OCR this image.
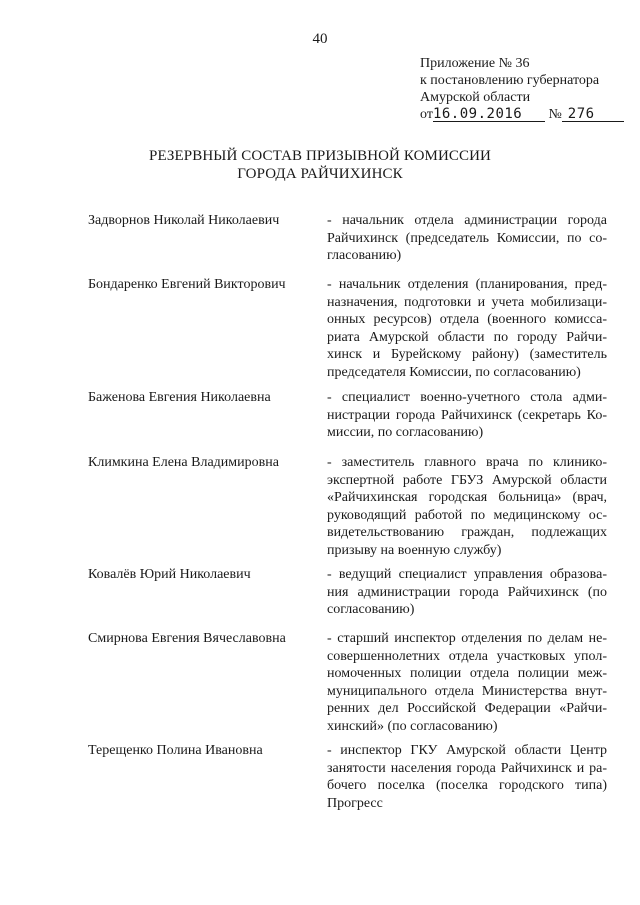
40
Приложение № 36
к постановлению губернатора
Амурской области
от16.09.2016 № 276
РЕЗЕРВНЫЙ СОСТАВ ПРИЗЫВНОЙ КОМИССИИ
ГОРОДА РАЙЧИХИНСК
Задворнов Николай Николаевич	- начальник отдела администрации города Райчихинск (председатель Комиссии, по согласованию)
Бондаренко Евгений Викторович	- начальник отделения (планирования, предназначения, подготовки и учета мобилизационных ресурсов) отдела (военного комиссариата Амурской области по городу Райчихинск и Бурейскому району) (заместитель председателя Комиссии, по согласованию)
Баженова Евгения Николаевна	- специалист военно-учетного стола администрации города Райчихинск (секретарь Комиссии, по согласованию)
Климкина Елена Владимировна	- заместитель главного врача по клинико-экспертной работе ГБУЗ Амурской области «Райчихинская городская больница» (врач, руководящий работой по медицинскому освидетельствованию граждан, подлежащих призыву на военную службу)
Ковалёв Юрий Николаевич	- ведущий специалист управления образования администрации города Райчихинск (по согласованию)
Смирнова Евгения Вячеславовна	- старший инспектор отделения по делам несовершеннолетних отдела участковых уполномоченных полиции отдела полиции межмуниципального отдела Министерства внутренних дел Российской Федерации «Райчихинский» (по согласованию)
Терещенко Полина Ивановна	- инспектор ГКУ Амурской области Центр занятости населения города Райчихинск и рабочего поселка (поселка городского типа) Прогресс
